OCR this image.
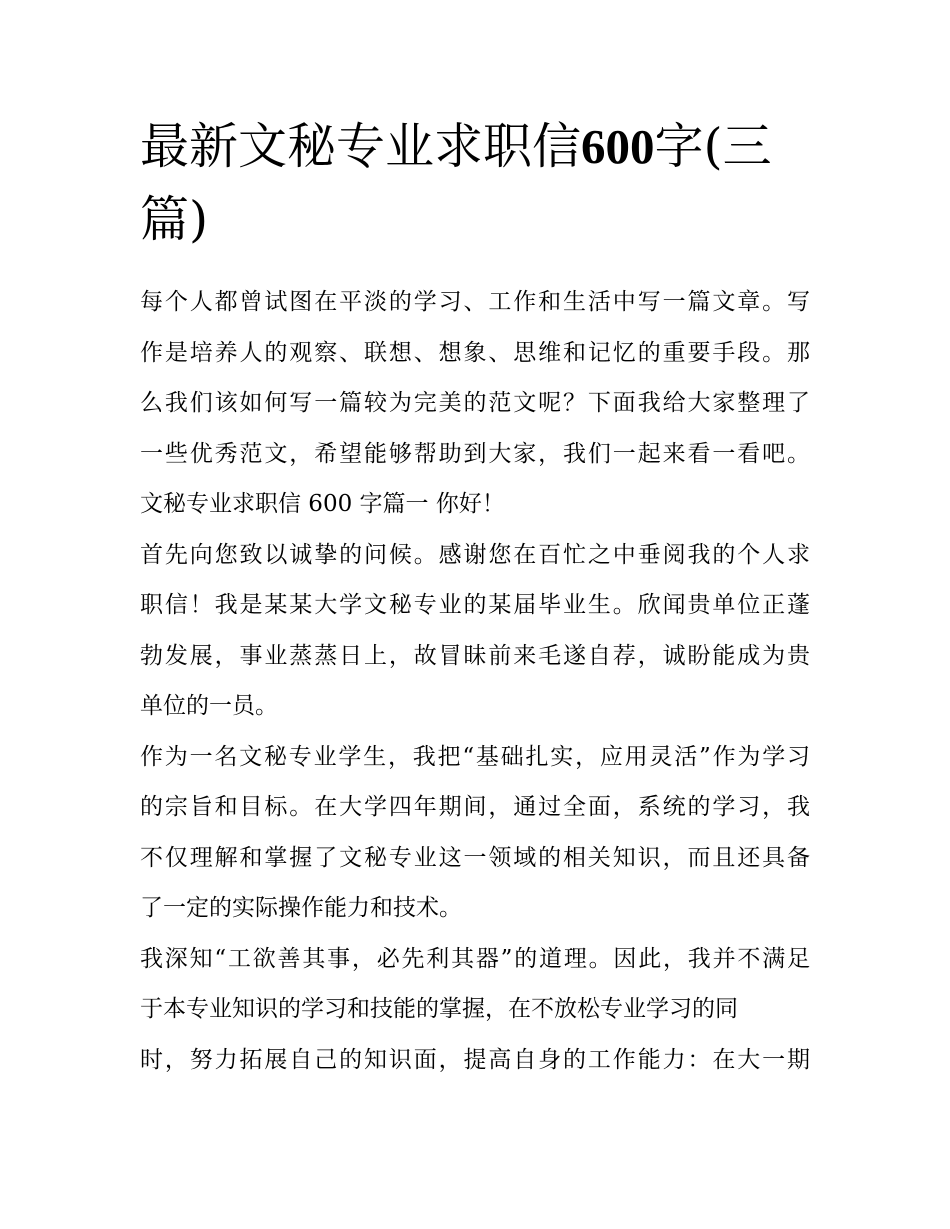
最新文秘专业求职信600字(三
篇)
每个人都曾试图在平淡的学习、工作和生活中写一篇文章。写
作是培养人的观察、联想、想象、思维和记忆的重要手段。那
么我们该如何写一篇较为完美的范文呢？下面我给大家整理了
一些优秀范文，希望能够帮助到大家，我们一起来看一看吧。
文秘专业求职信 600 字篇一 你好！
首先向您致以诚挚的问候。感谢您在百忙之中垂阅我的个人求
职信！我是某某大学文秘专业的某届毕业生。欣闻贵单位正蓬
勃发展，事业蒸蒸日上，故冒昧前来毛遂自荐，诚盼能成为贵
单位的一员。
作为一名文秘专业学生，我把“基础扎实，应用灵活”作为学习
的宗旨和目标。在大学四年期间，通过全面，系统的学习，我
不仅理解和掌握了文秘专业这一领域的相关知识，而且还具备
了一定的实际操作能力和技术。
我深知“工欲善其事，必先利其器”的道理。因此，我并不满足
于本专业知识的学习和技能的掌握，在不放松专业学习的同
时，努力拓展自己的知识面，提高自身的工作能力：在大一期
